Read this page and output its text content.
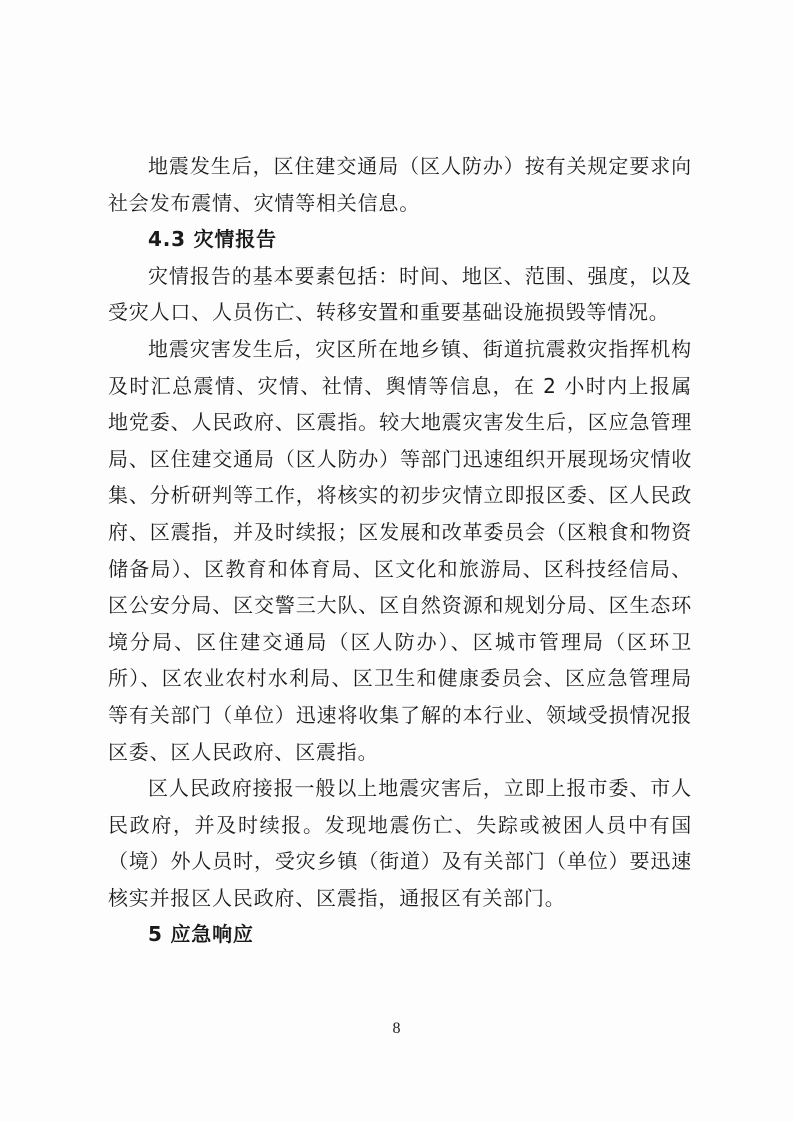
地震发生后，区住建交通局（区人防办）按有关规定要求向社会发布震情、灾情等相关信息。

4.3 灾情报告

灾情报告的基本要素包括：时间、地区、范围、强度，以及受灾人口、人员伤亡、转移安置和重要基础设施损毁等情况。

地震灾害发生后，灾区所在地乡镇、街道抗震救灾指挥机构及时汇总震情、灾情、社情、舆情等信息，在 2 小时内上报属地党委、人民政府、区震指。较大地震灾害发生后，区应急管理局、区住建交通局（区人防办）等部门迅速组织开展现场灾情收集、分析研判等工作，将核实的初步灾情立即报区委、区人民政府、区震指，并及时续报；区发展和改革委员会（区粮食和物资储备局）、区教育和体育局、区文化和旅游局、区科技经信局、区公安分局、区交警三大队、区自然资源和规划分局、区生态环境分局、区住建交通局（区人防办）、区城市管理局（区环卫所）、区农业农村水利局、区卫生和健康委员会、区应急管理局等有关部门（单位）迅速将收集了解的本行业、领域受损情况报区委、区人民政府、区震指。

区人民政府接报一般以上地震灾害后，立即上报市委、市人民政府，并及时续报。发现地震伤亡、失踪或被困人员中有国（境）外人员时，受灾乡镇（街道）及有关部门（单位）要迅速核实并报区人民政府、区震指，通报区有关部门。

5 应急响应

8
